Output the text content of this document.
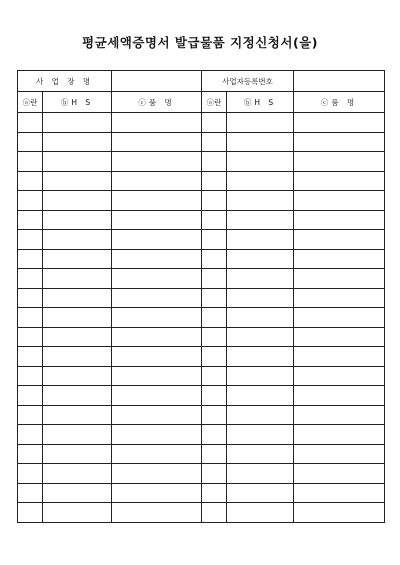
평균세액증명서 발급물품 지정신청서(을)
사 업 장 명			사업자등록번호		
ⓐ란	ⓑH S	ⓒ품 명	ⓐ란	ⓑH S	ⓒ품 명
